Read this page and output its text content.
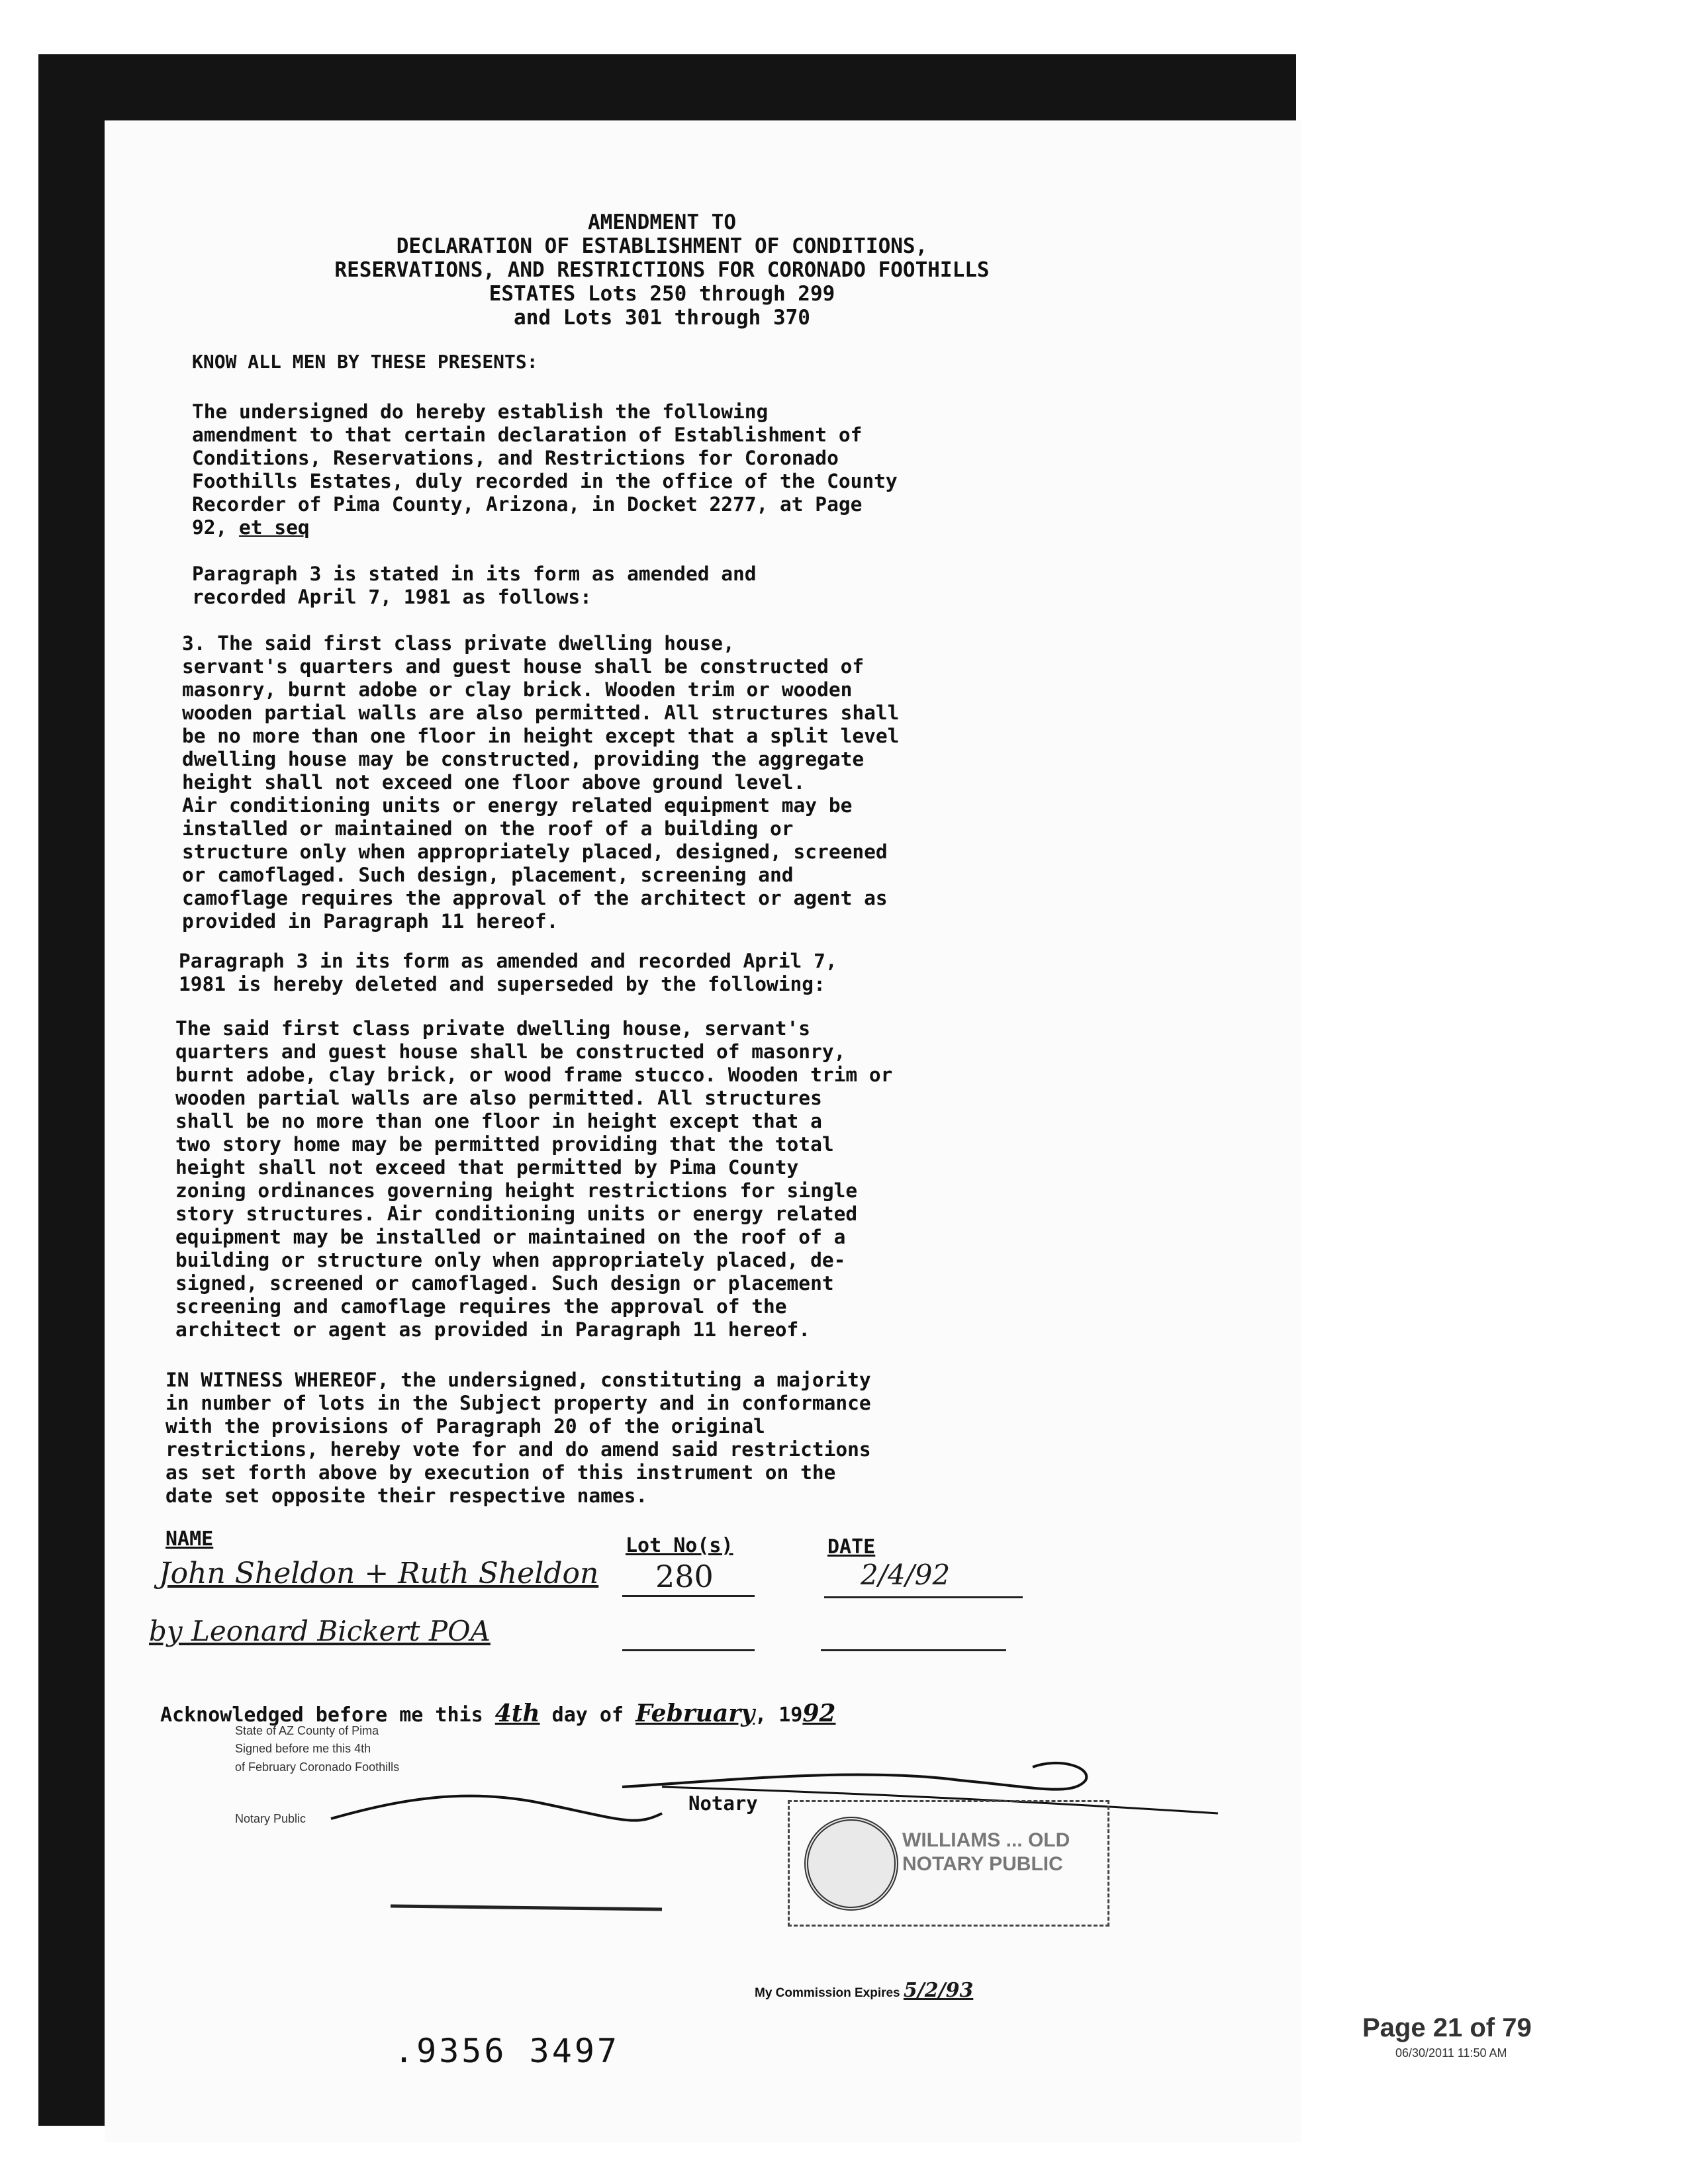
AMENDMENT TO
DECLARATION OF ESTABLISHMENT OF CONDITIONS,
RESERVATIONS, AND RESTRICTIONS FOR CORONADO FOOTHILLS
ESTATES Lots 250 through 299
and Lots 301 through 370
KNOW ALL MEN BY THESE PRESENTS:
The undersigned do hereby establish the following
amendment to that certain declaration of Establishment of
Conditions, Reservations, and Restrictions for Coronado
Foothills Estates, duly recorded in the office of the County
Recorder of Pima County, Arizona, in Docket 2277, at Page
92, et seq
Paragraph 3 is stated in its form as amended and
recorded April 7, 1981 as follows:
3. The said first class private dwelling house,
servant's quarters and guest house shall be constructed of
masonry, burnt adobe or clay brick. Wooden trim or wooden
wooden partial walls are also permitted. All structures shall
be no more than one floor in height except that a split level
dwelling house may be constructed, providing the aggregate
height shall not exceed one floor above ground level.
Air conditioning units or energy related equipment may be
installed or maintained on the roof of a building or
structure only when appropriately placed, designed, screened
or camoflaged. Such design, placement, screening and
camoflage requires the approval of the architect or agent as
provided in Paragraph 11 hereof.
Paragraph 3 in its form as amended and recorded April 7,
1981 is hereby deleted and superseded by the following:
The said first class private dwelling house, servant's
quarters and guest house shall be constructed of masonry,
burnt adobe, clay brick, or wood frame stucco. Wooden trim or
wooden partial walls are also permitted. All structures
shall be no more than one floor in height except that a
two story home may be permitted providing that the total
height shall not exceed that permitted by Pima County
zoning ordinances governing height restrictions for single
story structures. Air conditioning units or energy related
equipment may be installed or maintained on the roof of a
building or structure only when appropriately placed, de-
signed, screened or camoflaged. Such design or placement
screening and camoflage requires the approval of the
architect or agent as provided in Paragraph 11 hereof.
IN WITNESS WHEREOF, the undersigned, constituting a majority
in number of lots in the Subject property and in conformance
with the provisions of Paragraph 20 of the original
restrictions, hereby vote for and do amend said restrictions
as set forth above by execution of this instrument on the
date set opposite their respective names.
NAME	Lot No(s)	DATE
John Sheldon + Ruth Sheldon 280	2/4/92
by Leonard Bickert POA
Acknowledged before me this 4th day of February, 1992
State of AZ County of Pima
Signed before me this 4th
of February Coronado Foothills
Notary Public
Notary
WILLIAMS ... OLD
NOTARY PUBLIC
My Commission Expires 5/2/93
.9356 3497
Page 21 of 79
06/30/2011 11:50 AM
